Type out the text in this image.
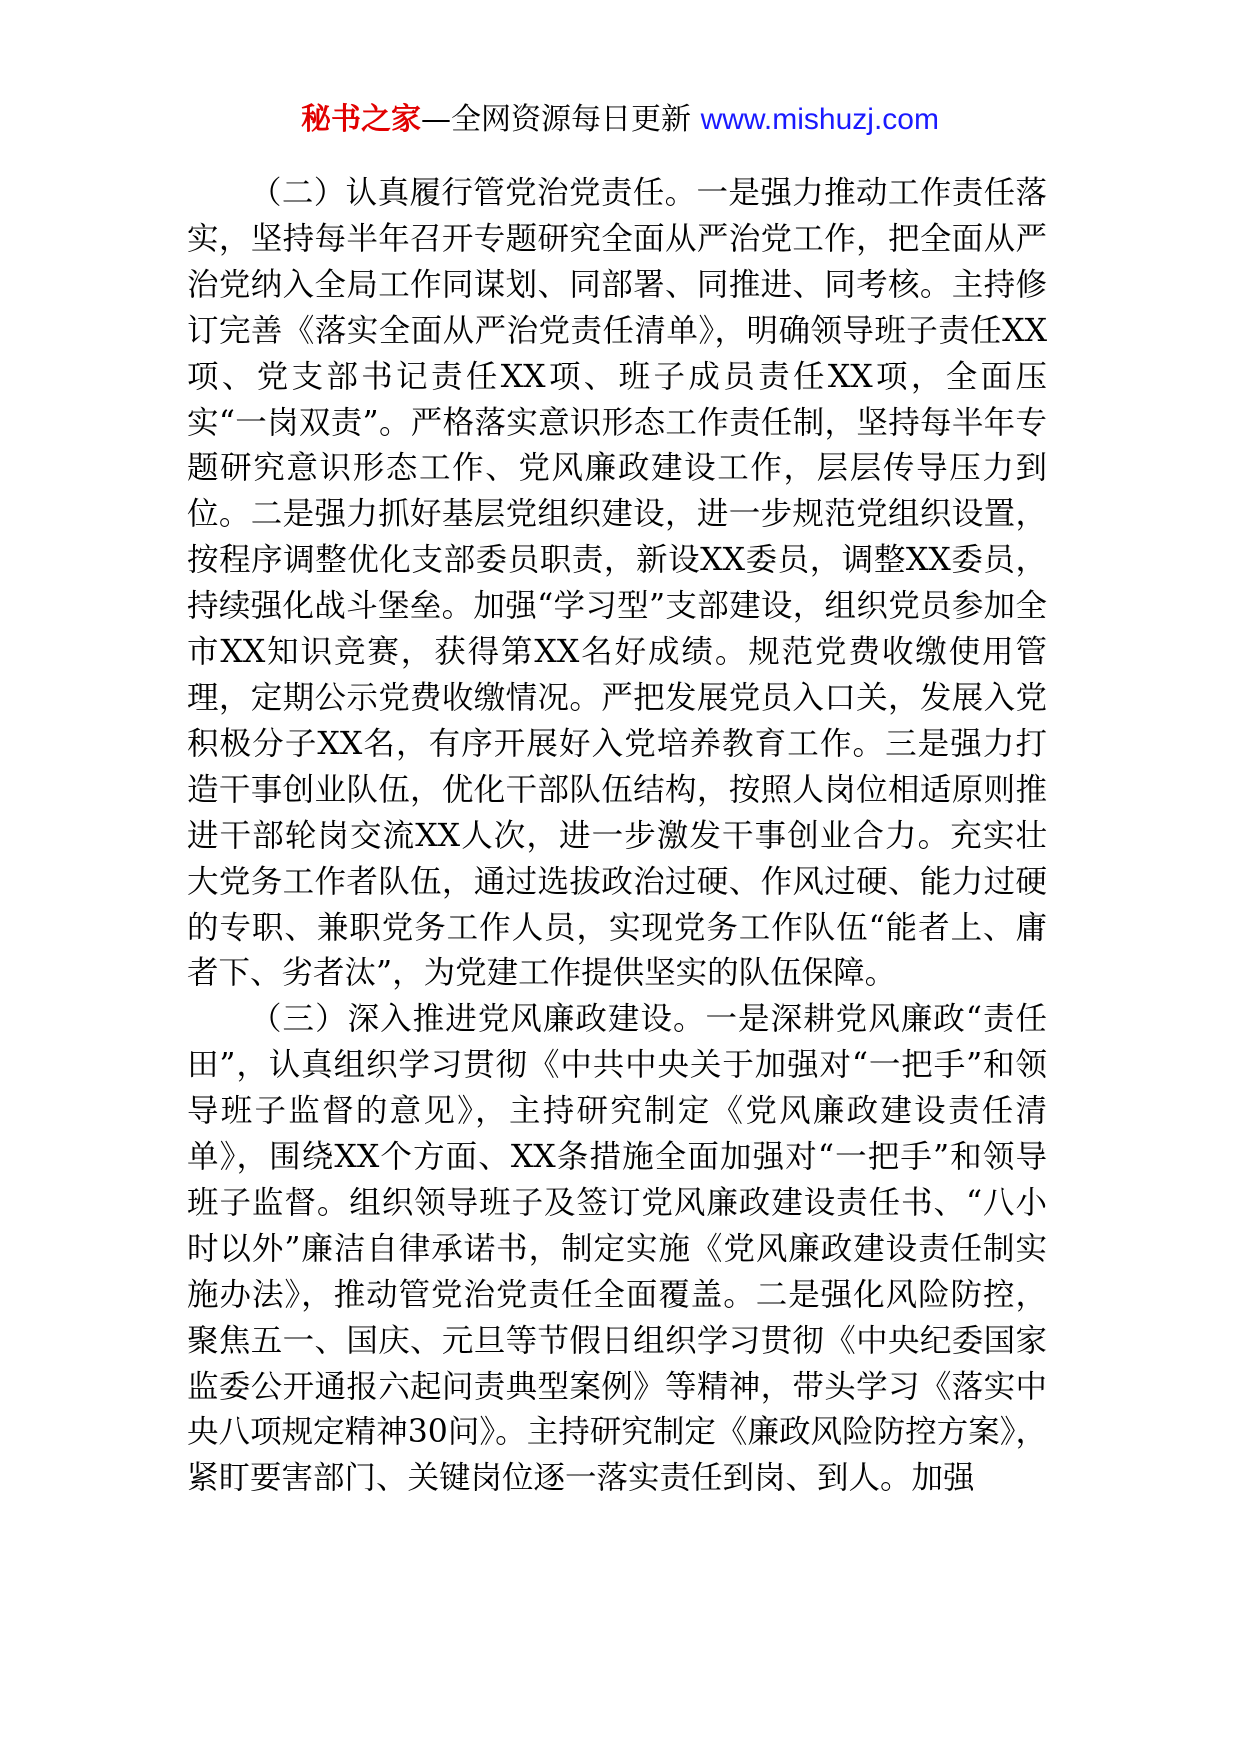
秘书之家—全网资源每日更新 www.mishuzj.com

（二）认真履行管党治党责任。一是强力推动工作责任落实，坚持每半年召开专题研究全面从严治党工作，把全面从严治党纳入全局工作同谋划、同部署、同推进、同考核。主持修订完善《落实全面从严治党责任清单》，明确领导班子责任XX项、党支部书记责任XX项、班子成员责任XX项，全面压实“一岗双责”。严格落实意识形态工作责任制，坚持每半年专题研究意识形态工作、党风廉政建设工作，层层传导压力到位。二是强力抓好基层党组织建设，进一步规范党组织设置，按程序调整优化支部委员职责，新设XX委员，调整XX委员，持续强化战斗堡垒。加强“学习型”支部建设，组织党员参加全市XX知识竞赛，获得第XX名好成绩。规范党费收缴使用管理，定期公示党费收缴情况。严把发展党员入口关，发展入党积极分子XX名，有序开展好入党培养教育工作。三是强力打造干事创业队伍，优化干部队伍结构，按照人岗位相适原则推进干部轮岗交流XX人次，进一步激发干事创业合力。充实壮大党务工作者队伍，通过选拔政治过硬、作风过硬、能力过硬的专职、兼职党务工作人员，实现党务工作队伍“能者上、庸者下、劣者汰”，为党建工作提供坚实的队伍保障。

（三）深入推进党风廉政建设。一是深耕党风廉政“责任田”，认真组织学习贯彻《中共中央关于加强对“一把手”和领导班子监督的意见》，主持研究制定《党风廉政建设责任清单》，围绕XX个方面、XX条措施全面加强对“一把手”和领导班子监督。组织领导班子及签订党风廉政建设责任书、“八小时以外”廉洁自律承诺书，制定实施《党风廉政建设责任制实施办法》，推动管党治党责任全面覆盖。二是强化风险防控，聚焦五一、国庆、元旦等节假日组织学习贯彻《中央纪委国家监委公开通报六起问责典型案例》等精神，带头学习《落实中央八项规定精神30问》。主持研究制定《廉政风险防控方案》，紧盯要害部门、关键岗位逐一落实责任到岗、到人。加强
